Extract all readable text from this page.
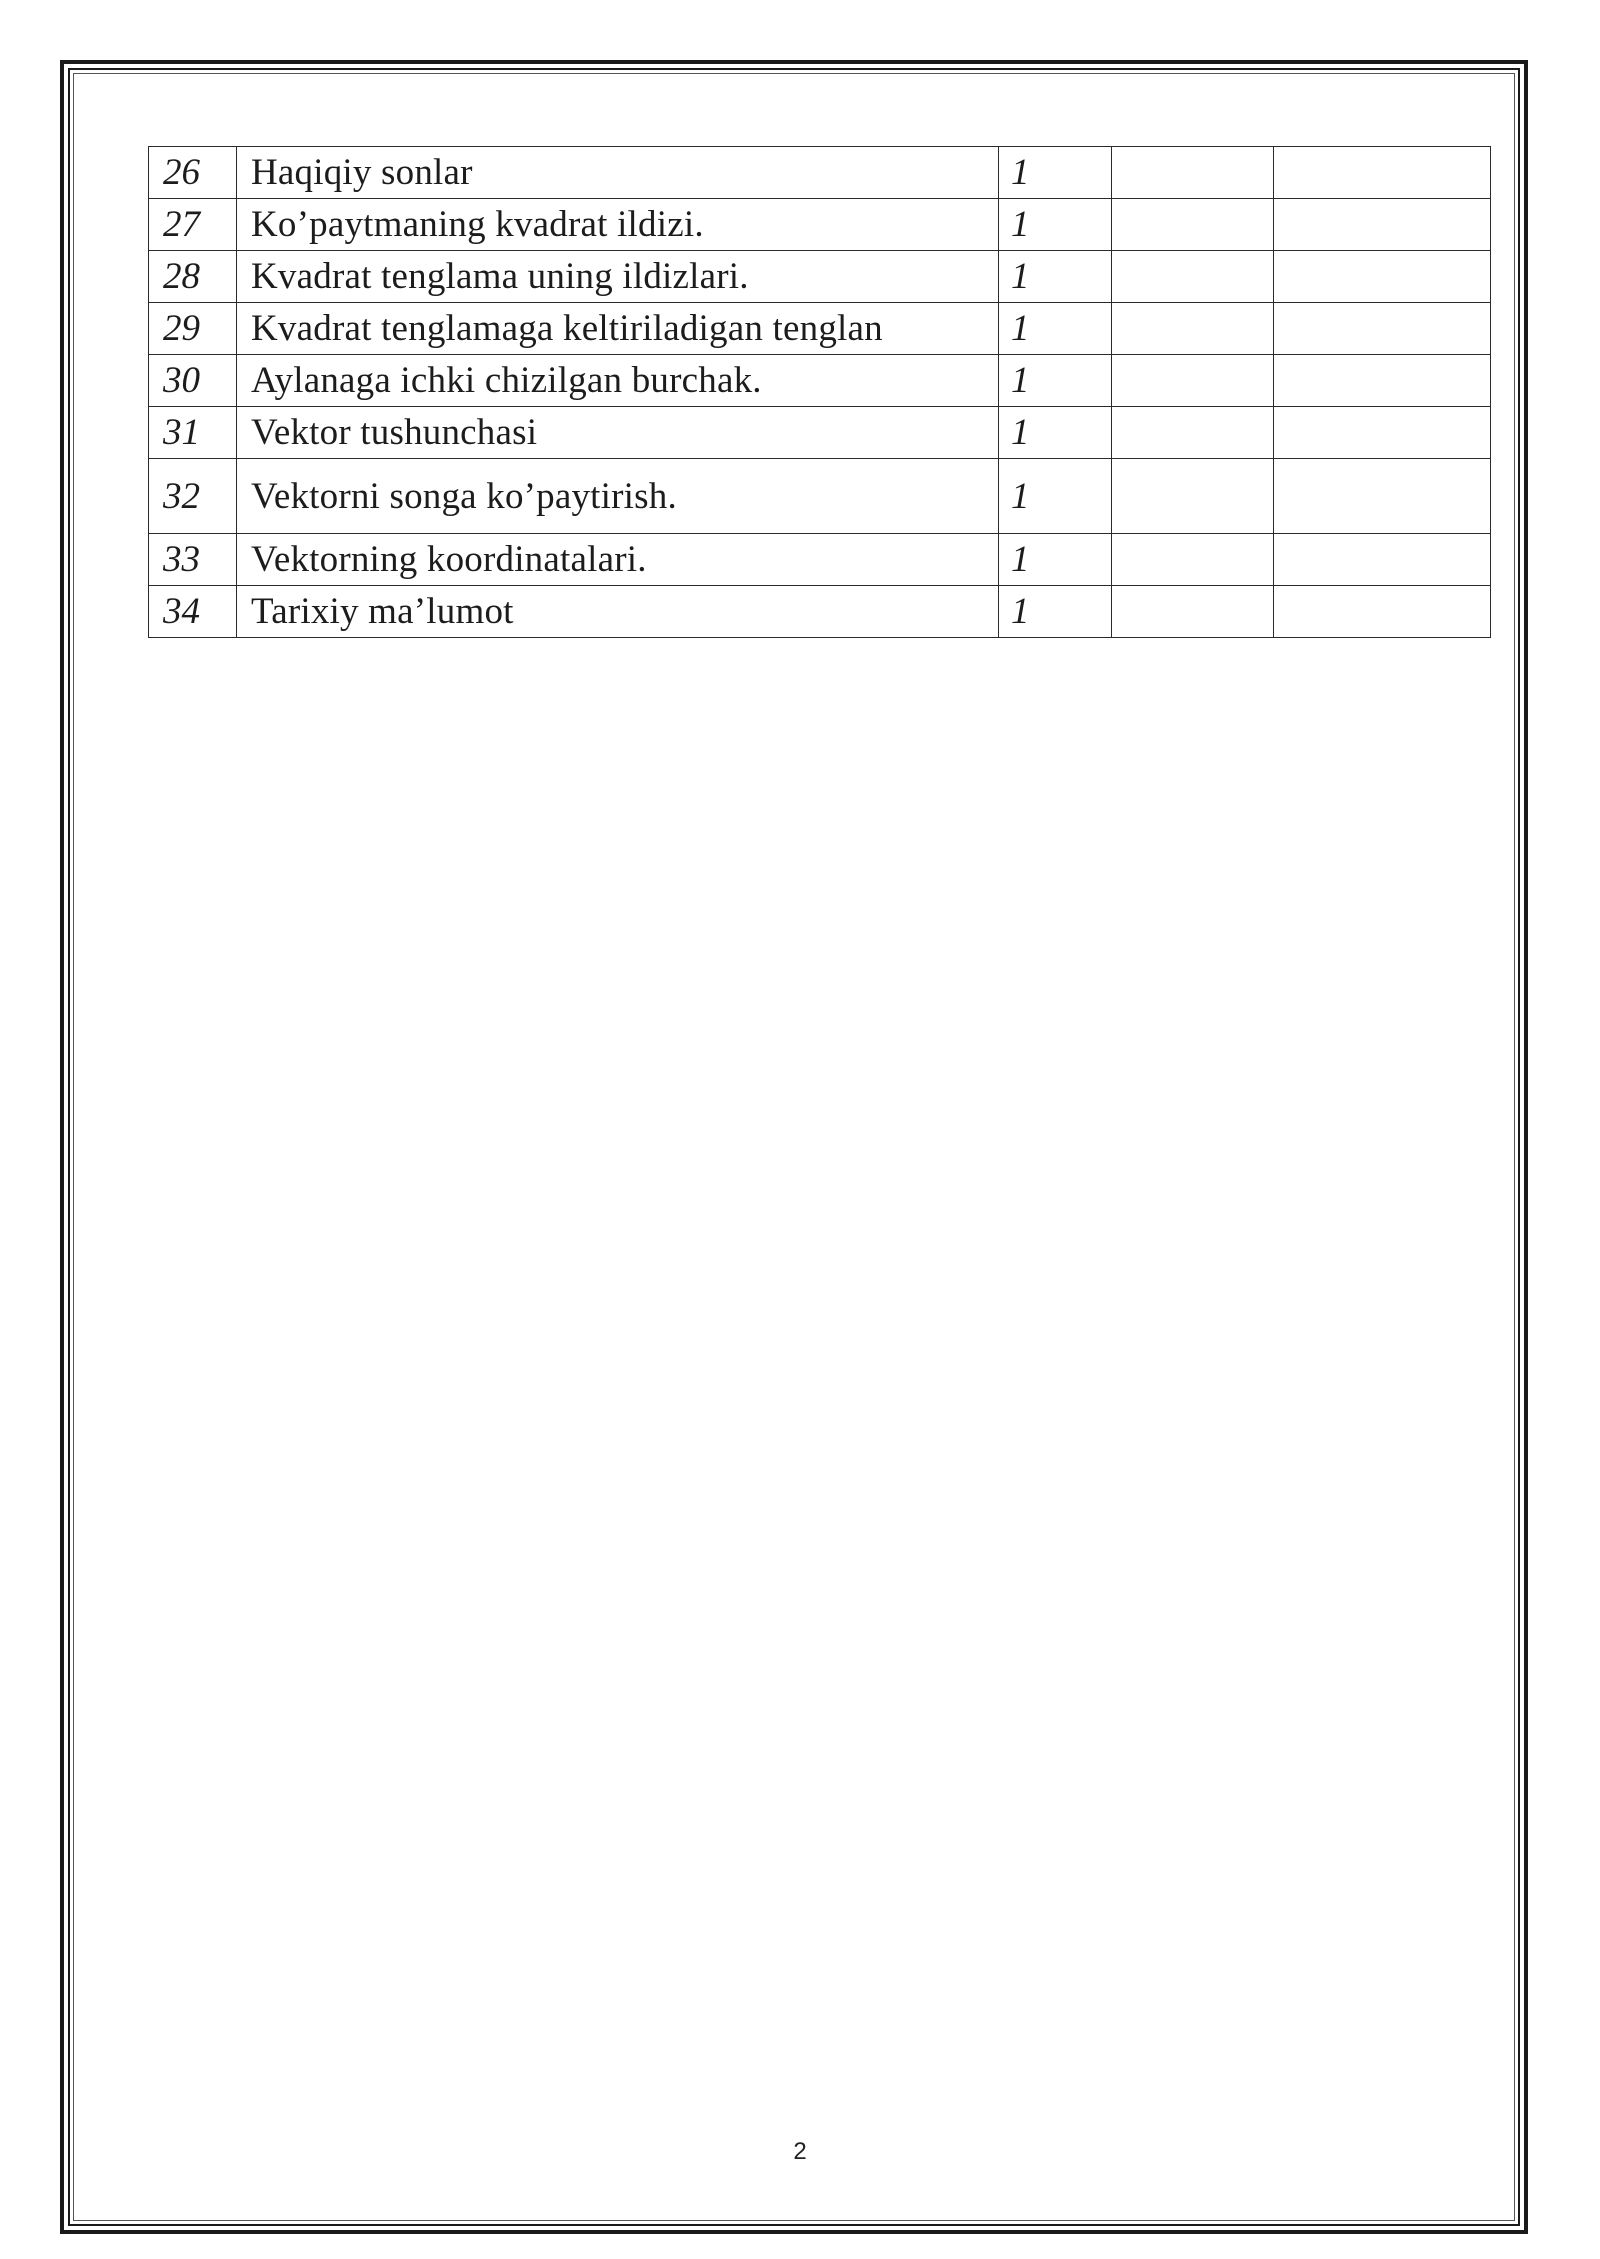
26	Haqiqiy sonlar	1		
27	Ko’paytmaning kvadrat ildizi.	1		
28	Kvadrat tenglama uning ildizlari.	1		
29	Kvadrat tenglamaga keltiriladigan tenglan	1		
30	Aylanaga ichki chizilgan burchak.	1		
31	Vektor tushunchasi	1		
32	Vektorni songa ko’paytirish.	1		
33	Vektorning koordinatalari.	1		
34	Tarixiy ma’lumot	1		
2
